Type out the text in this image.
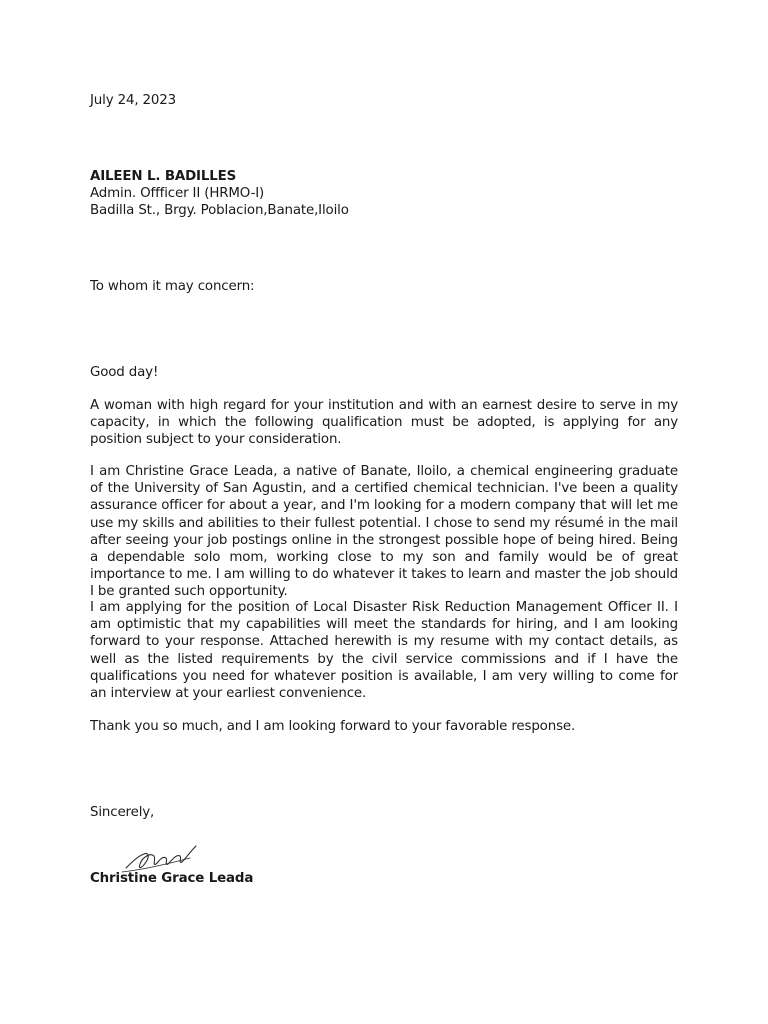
July 24, 2023
AILEEN L. BADILLES
Admin. Offficer II (HRMO-I)
Badilla St., Brgy. Poblacion,Banate,Iloilo
To whom it may concern:
Good day!

A woman with high regard for your institution and with an earnest desire to serve in my capacity, in which the following qualification must be adopted, is applying for any position subject to your consideration.

I am Christine Grace Leada, a native of Banate, Iloilo, a chemical engineering graduate of the University of San Agustin, and a certified chemical technician. I've been a quality assurance officer for about a year, and I'm looking for a modern company that will let me use my skills and abilities to their fullest potential. I chose to send my résumé in the mail after seeing your job postings online in the strongest possible hope of being hired. Being a dependable solo mom, working close to my son and family would be of great importance to me. I am willing to do whatever it takes to learn and master the job should I be granted such opportunity.

I am applying for the position of Local Disaster Risk Reduction Management Officer II. I am optimistic that my capabilities will meet the standards for hiring, and I am looking forward to your response. Attached herewith is my resume with my contact details, as well as the listed requirements by the civil service commissions and if I have the qualifications you need for whatever position is available, I am very willing to come for an interview at your earliest convenience.

Thank you so much, and I am looking forward to your favorable response.

Sincerely,
Christine Grace Leada
